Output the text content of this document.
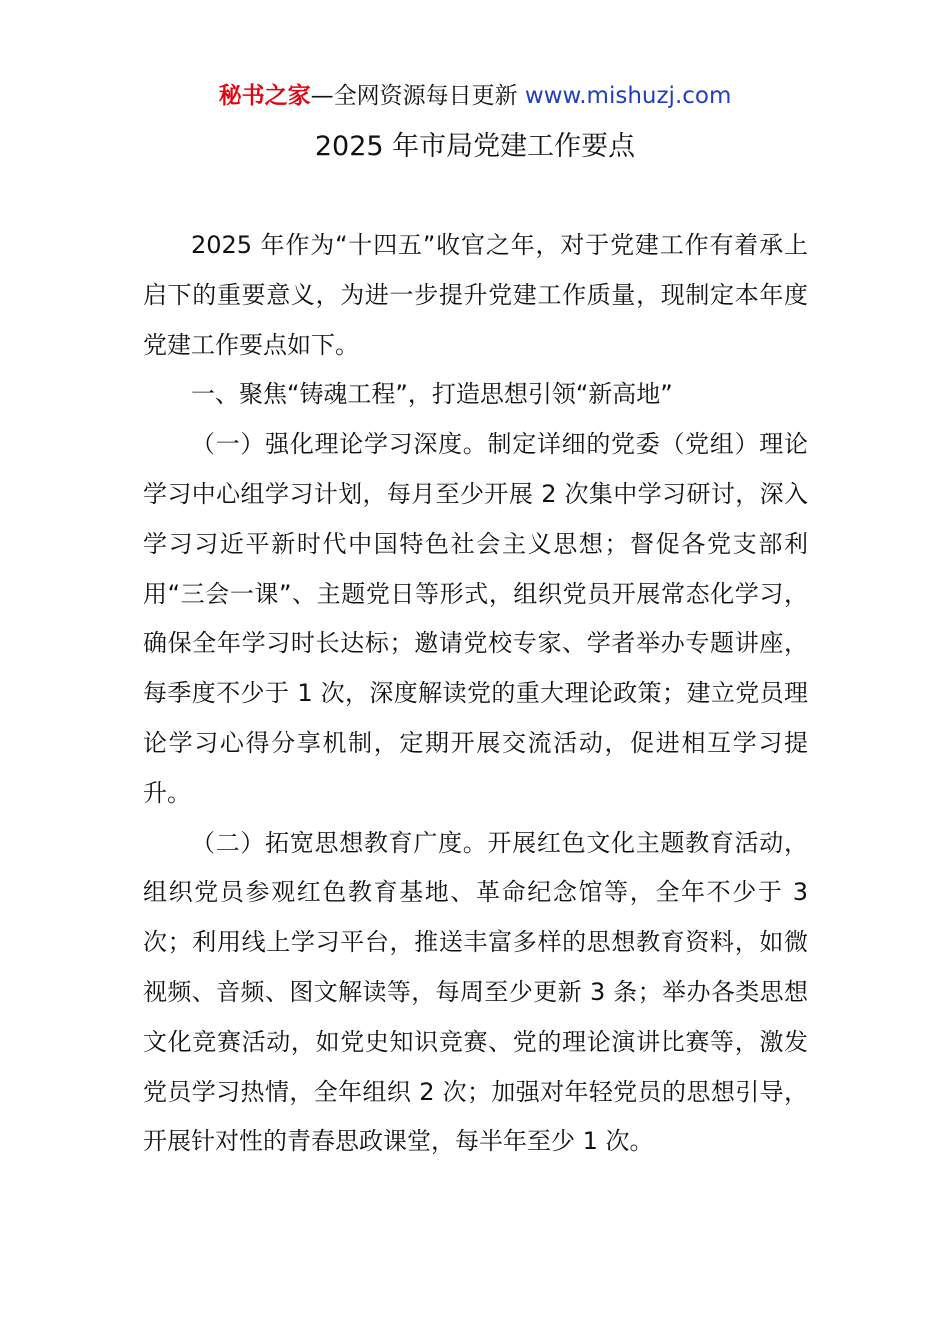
秘书之家—全网资源每日更新 www.mishuzj.com
2025 年市局党建工作要点

2025 年作为“十四五”收官之年，对于党建工作有着承上启下的重要意义，为进一步提升党建工作质量，现制定本年度党建工作要点如下。

一、聚焦“铸魂工程”，打造思想引领“新高地”

（一）强化理论学习深度。制定详细的党委（党组）理论学习中心组学习计划，每月至少开展 2 次集中学习研讨，深入学习习近平新时代中国特色社会主义思想；督促各党支部利用“三会一课”、主题党日等形式，组织党员开展常态化学习，确保全年学习时长达标；邀请党校专家、学者举办专题讲座，每季度不少于 1 次，深度解读党的重大理论政策；建立党员理论学习心得分享机制，定期开展交流活动，促进相互学习提升。

（二）拓宽思想教育广度。开展红色文化主题教育活动，组织党员参观红色教育基地、革命纪念馆等，全年不少于 3 次；利用线上学习平台，推送丰富多样的思想教育资料，如微视频、音频、图文解读等，每周至少更新 3 条；举办各类思想文化竞赛活动，如党史知识竞赛、党的理论演讲比赛等，激发党员学习热情，全年组织 2 次；加强对年轻党员的思想引导，开展针对性的青春思政课堂，每半年至少 1 次。
